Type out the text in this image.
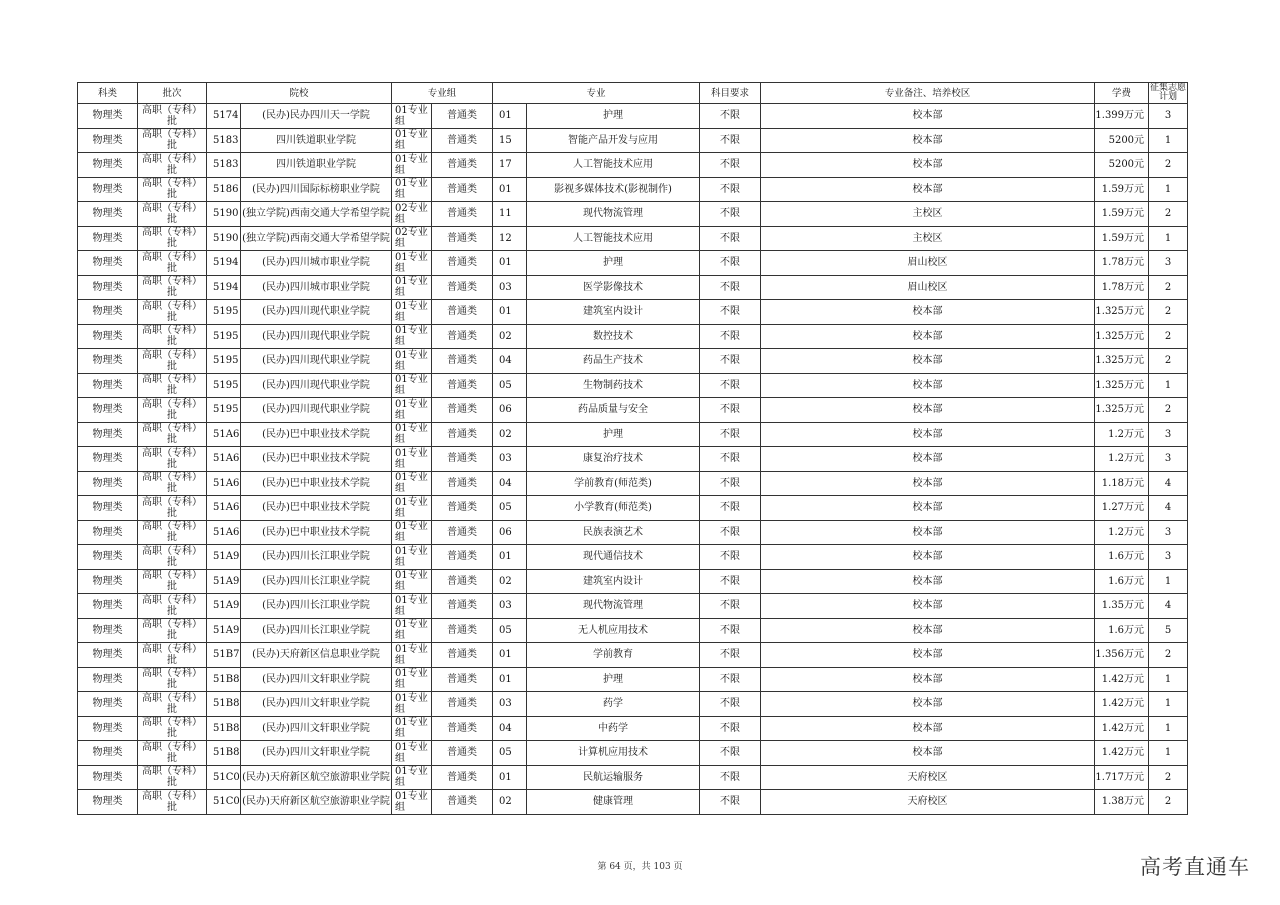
科类	批次	院校		专业组		专业		科目要求	专业备注、培养校区	学费	征集志愿计划
物理类	高职（专科）批	5174	(民办)民办四川天一学院	01专业组	普通类	01	护理	不限	校本部	1.399万元	3
物理类	高职（专科）批	5183	四川铁道职业学院	01专业组	普通类	15	智能产品开发与应用	不限	校本部	5200元	1
物理类	高职（专科）批	5183	四川铁道职业学院	01专业组	普通类	17	人工智能技术应用	不限	校本部	5200元	2
物理类	高职（专科）批	5186	(民办)四川国际标榜职业学院	01专业组	普通类	01	影视多媒体技术(影视制作)	不限	校本部	1.59万元	1
物理类	高职（专科）批	5190	(独立学院)西南交通大学希望学院	02专业组	普通类	11	现代物流管理	不限	主校区	1.59万元	2
物理类	高职（专科）批	5190	(独立学院)西南交通大学希望学院	02专业组	普通类	12	人工智能技术应用	不限	主校区	1.59万元	1
物理类	高职（专科）批	5194	(民办)四川城市职业学院	01专业组	普通类	01	护理	不限	眉山校区	1.78万元	3
物理类	高职（专科）批	5194	(民办)四川城市职业学院	01专业组	普通类	03	医学影像技术	不限	眉山校区	1.78万元	2
物理类	高职（专科）批	5195	(民办)四川现代职业学院	01专业组	普通类	01	建筑室内设计	不限	校本部	1.325万元	2
物理类	高职（专科）批	5195	(民办)四川现代职业学院	01专业组	普通类	02	数控技术	不限	校本部	1.325万元	2
物理类	高职（专科）批	5195	(民办)四川现代职业学院	01专业组	普通类	04	药品生产技术	不限	校本部	1.325万元	2
物理类	高职（专科）批	5195	(民办)四川现代职业学院	01专业组	普通类	05	生物制药技术	不限	校本部	1.325万元	1
物理类	高职（专科）批	5195	(民办)四川现代职业学院	01专业组	普通类	06	药品质量与安全	不限	校本部	1.325万元	2
物理类	高职（专科）批	51A6	(民办)巴中职业技术学院	01专业组	普通类	02	护理	不限	校本部	1.2万元	3
物理类	高职（专科）批	51A6	(民办)巴中职业技术学院	01专业组	普通类	03	康复治疗技术	不限	校本部	1.2万元	3
物理类	高职（专科）批	51A6	(民办)巴中职业技术学院	01专业组	普通类	04	学前教育(师范类)	不限	校本部	1.18万元	4
物理类	高职（专科）批	51A6	(民办)巴中职业技术学院	01专业组	普通类	05	小学教育(师范类)	不限	校本部	1.27万元	4
物理类	高职（专科）批	51A6	(民办)巴中职业技术学院	01专业组	普通类	06	民族表演艺术	不限	校本部	1.2万元	3
物理类	高职（专科）批	51A9	(民办)四川长江职业学院	01专业组	普通类	01	现代通信技术	不限	校本部	1.6万元	3
物理类	高职（专科）批	51A9	(民办)四川长江职业学院	01专业组	普通类	02	建筑室内设计	不限	校本部	1.6万元	1
物理类	高职（专科）批	51A9	(民办)四川长江职业学院	01专业组	普通类	03	现代物流管理	不限	校本部	1.35万元	4
物理类	高职（专科）批	51A9	(民办)四川长江职业学院	01专业组	普通类	05	无人机应用技术	不限	校本部	1.6万元	5
物理类	高职（专科）批	51B7	(民办)天府新区信息职业学院	01专业组	普通类	01	学前教育	不限	校本部	1.356万元	2
物理类	高职（专科）批	51B8	(民办)四川文轩职业学院	01专业组	普通类	01	护理	不限	校本部	1.42万元	1
物理类	高职（专科）批	51B8	(民办)四川文轩职业学院	01专业组	普通类	03	药学	不限	校本部	1.42万元	1
物理类	高职（专科）批	51B8	(民办)四川文轩职业学院	01专业组	普通类	04	中药学	不限	校本部	1.42万元	1
物理类	高职（专科）批	51B8	(民办)四川文轩职业学院	01专业组	普通类	05	计算机应用技术	不限	校本部	1.42万元	1
物理类	高职（专科）批	51C0	(民办)天府新区航空旅游职业学院	01专业组	普通类	01	民航运输服务	不限	天府校区	1.717万元	2
物理类	高职（专科）批	51C0	(民办)天府新区航空旅游职业学院	01专业组	普通类	02	健康管理	不限	天府校区	1.38万元	2
第 64 页，共 103 页	高考直通车
